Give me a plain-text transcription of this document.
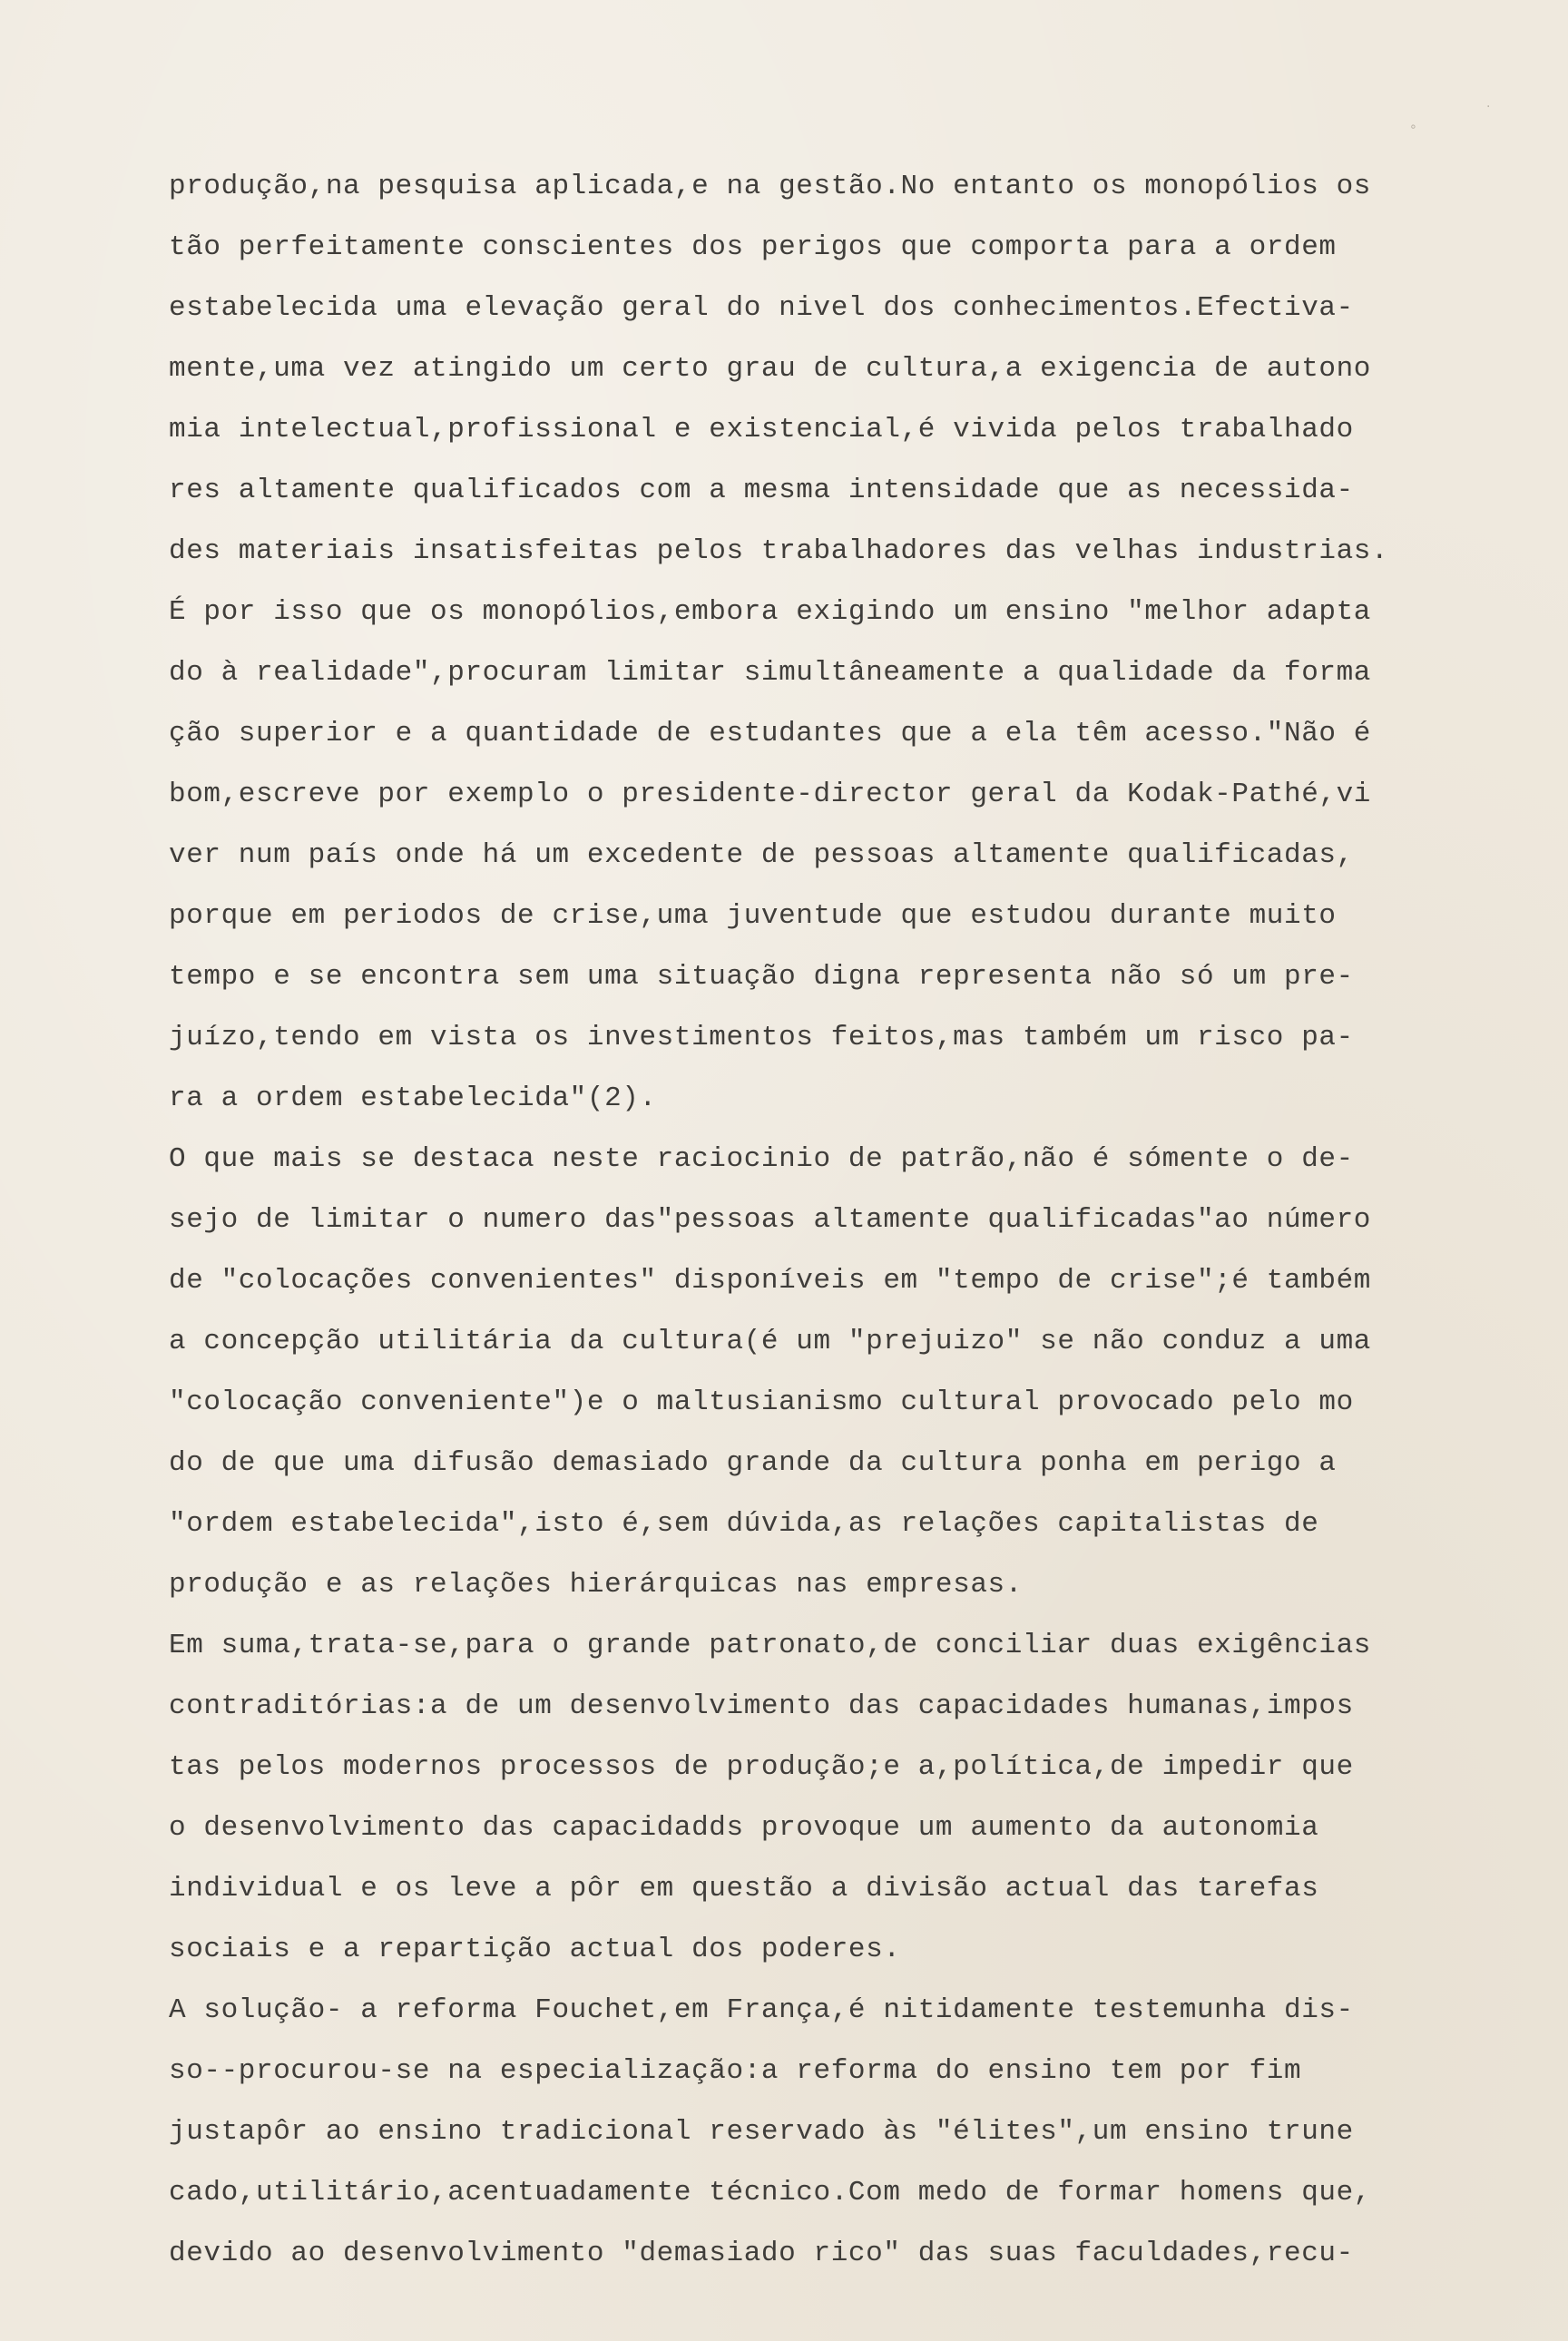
∘
·
produção,na pesquisa aplicada,e na gestão.No entanto os monopólios os
tão perfeitamente conscientes dos perigos que comporta para a ordem
estabelecida uma elevação geral do nivel dos conhecimentos.Efectiva-
mente,uma vez atingido um certo grau de cultura,a exigencia de autono
mia intelectual,profissional e existencial,é vivida pelos trabalhado
res altamente qualificados com a mesma intensidade que as necessida-
des materiais insatisfeitas pelos trabalhadores das velhas industrias.
É por isso que os monopólios,embora exigindo um ensino "melhor adapta
do à realidade",procuram limitar simultâneamente a qualidade da forma
ção superior e a quantidade de estudantes que a ela têm acesso."Não é
bom,escreve por exemplo o presidente-director geral da Kodak-Pathé,vi
ver num país onde há um excedente de pessoas altamente qualificadas,
porque em periodos de crise,uma juventude que estudou durante muito
tempo e se encontra sem uma situação digna representa não só um pre-
juízo,tendo em vista os investimentos feitos,mas também um risco pa-
ra a ordem estabelecida"(2).
O que mais se destaca neste raciocinio de patrão,não é sómente o de-
sejo de limitar o numero das"pessoas altamente qualificadas"ao número
de "colocações convenientes" disponíveis em "tempo de crise";é também
a concepção utilitária da cultura(é um "prejuizo" se não conduz a uma
"colocação conveniente")e o maltusianismo cultural provocado pelo mo
do de que uma difusão demasiado grande da cultura ponha em perigo a
"ordem estabelecida",isto é,sem dúvida,as relações capitalistas de
produção e as relações hierárquicas nas empresas.
Em suma,trata-se,para o grande patronato,de conciliar duas exigências
contraditórias:a de um desenvolvimento das capacidades humanas,impos
tas pelos modernos processos de produção;e a,política,de impedir que
o desenvolvimento das capacidadds provoque um aumento da autonomia
individual e os leve a pôr em questão a divisão actual das tarefas
sociais e a repartição actual dos poderes.
A solução- a reforma Fouchet,em França,é nitidamente testemunha dis-
so--procurou-se na especialização:a reforma do ensino tem por fim
justapôr ao ensino tradicional reservado às "élites",um ensino trune
cado,utilitário,acentuadamente técnico.Com medo de formar homens que,
devido ao desenvolvimento "demasiado rico" das suas faculdades,recu-
